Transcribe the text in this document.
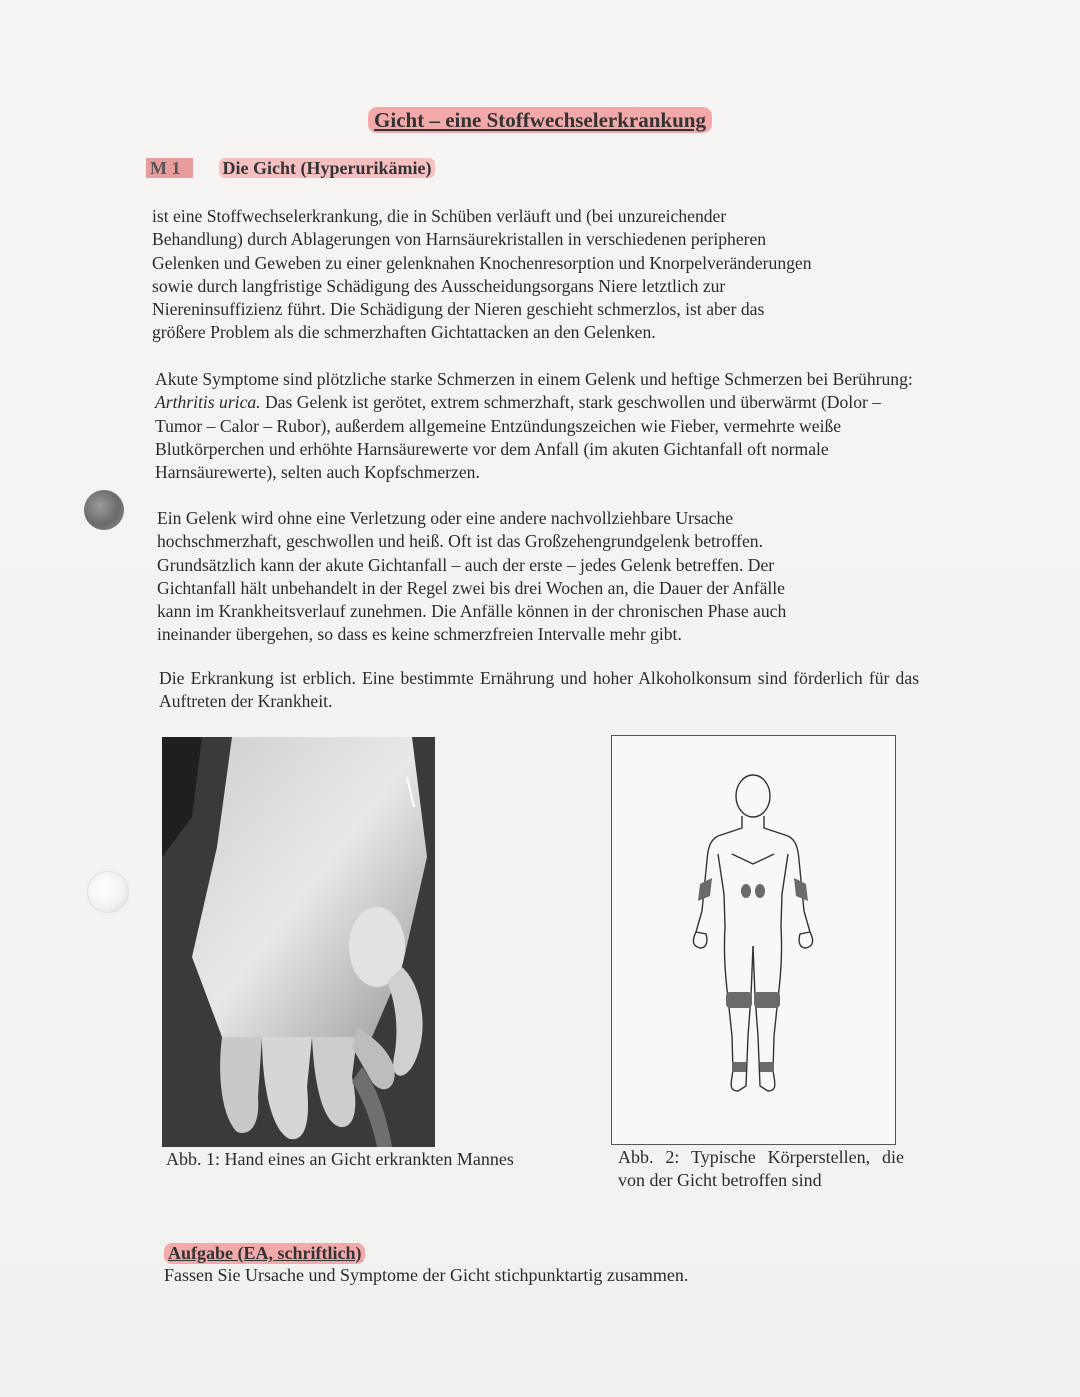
Gicht – eine Stoffwechselerkrankung
M 1 Die Gicht (Hyperurikämie)
ist eine Stoffwechselerkrankung, die in Schüben verläuft und (bei unzureichender
Behandlung) durch Ablagerungen von Harnsäurekristallen in verschiedenen peripheren
Gelenken und Geweben zu einer gelenknahen Knochenresorption und Knorpelveränderungen
sowie durch langfristige Schädigung des Ausscheidungsorgans Niere letztlich zur
Niereninsuffizienz führt. Die Schädigung der Nieren geschieht schmerzlos, ist aber das
größere Problem als die schmerzhaften Gichtattacken an den Gelenken.
Akute Symptome sind plötzliche starke Schmerzen in einem Gelenk und heftige Schmerzen bei Berührung: Arthritis urica. Das Gelenk ist gerötet, extrem schmerzhaft, stark geschwollen und überwärmt (Dolor – Tumor – Calor – Rubor), außerdem allgemeine Entzündungszeichen wie Fieber, vermehrte weiße Blutkörperchen und erhöhte Harnsäurewerte vor dem Anfall (im akuten Gichtanfall oft normale Harnsäurewerte), selten auch Kopfschmerzen.
Ein Gelenk wird ohne eine Verletzung oder eine andere nachvollziehbare Ursache
hochschmerzhaft, geschwollen und heiß. Oft ist das Großzehengrundgelenk betroffen.
Grundsätzlich kann der akute Gichtanfall – auch der erste – jedes Gelenk betreffen. Der
Gichtanfall hält unbehandelt in der Regel zwei bis drei Wochen an, die Dauer der Anfälle
kann im Krankheitsverlauf zunehmen. Die Anfälle können in der chronischen Phase auch
ineinander übergehen, so dass es keine schmerzfreien Intervalle mehr gibt.
Die Erkrankung ist erblich. Eine bestimmte Ernährung und hoher Alkoholkonsum sind förderlich für das Auftreten der Krankheit.
Abb. 1: Hand eines an Gicht erkrankten Mannes	Abb. 2: Typische Körperstellen, die von der Gicht betroffen sind
Aufgabe (EA, schriftlich)
Fassen Sie Ursache und Symptome der Gicht stichpunktartig zusammen.
